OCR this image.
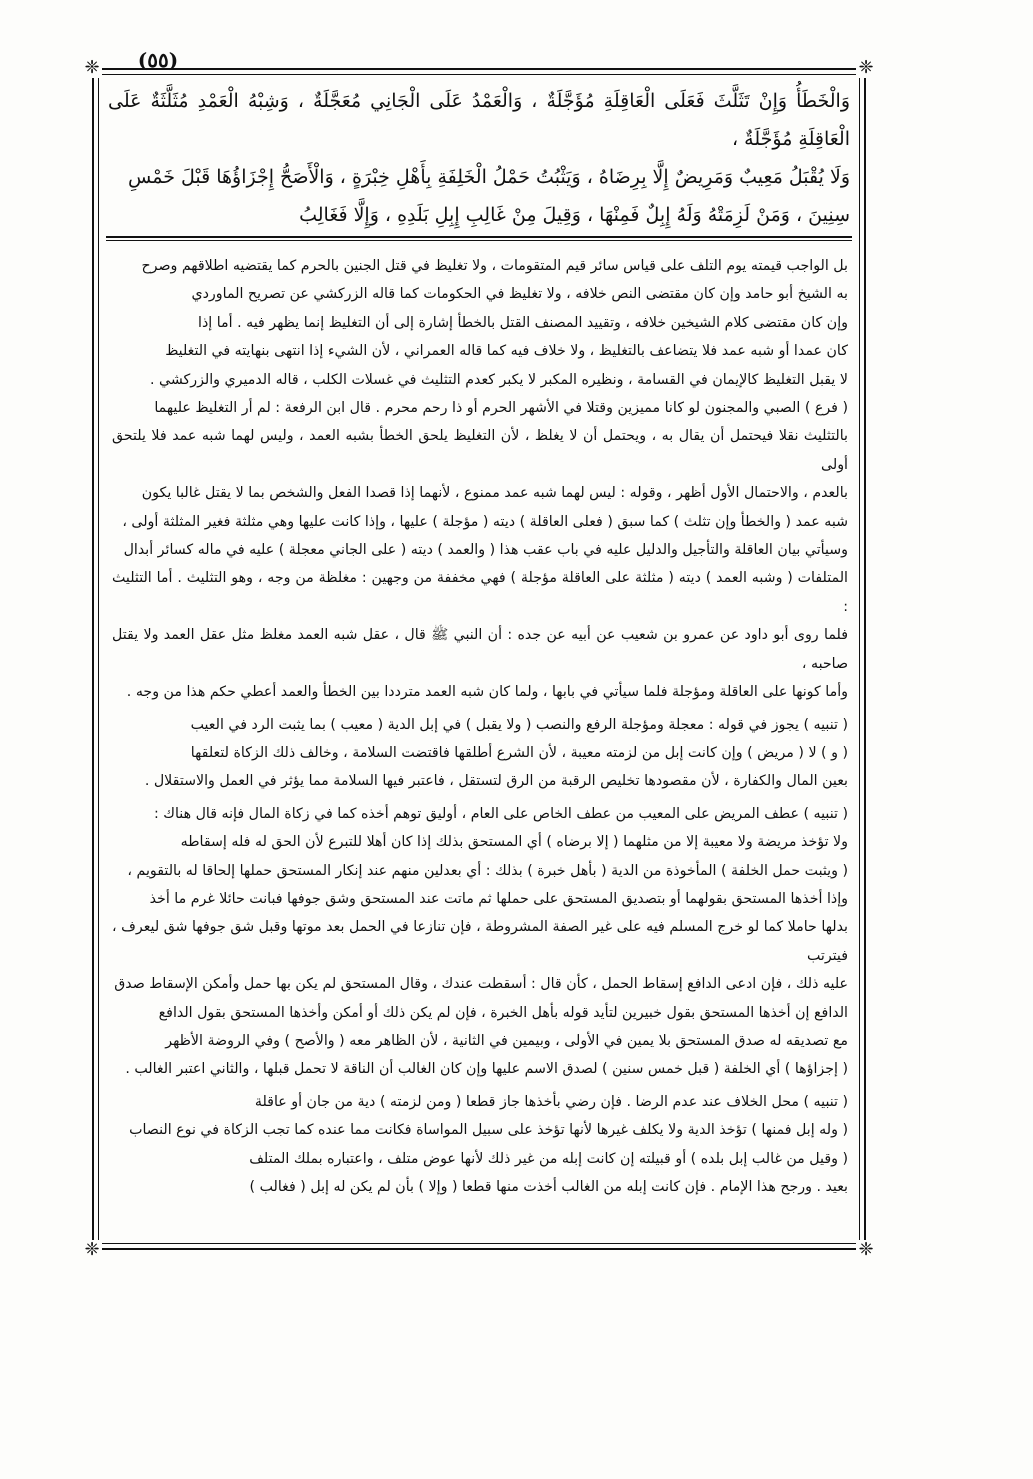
(٥٥)
❈	❈
❈	❈

وَالْخَطَأُ وَإِنْ تَثَلَّثَ فَعَلَى الْعَاقِلَةِ مُؤَجَّلَةٌ ، وَالْعَمْدُ عَلَى الْجَانِي مُعَجَّلَةٌ ، وَشِبْهُ الْعَمْدِ مُثَلَّثَةٌ عَلَى الْعَاقِلَةِ مُؤَجَّلَةٌ ،

وَلَا يُقْبَلُ مَعِيبٌ وَمَرِيضٌ إِلَّا بِرِضَاهُ ، وَيَثْبُتُ حَمْلُ الْخَلِفَةِ بِأَهْلِ خِبْرَةٍ ، وَالْأَصَحُّ إِجْزَاؤُهَا قَبْلَ خَمْسِ

سِنِينَ ، وَمَنْ لَزِمَتْهُ وَلَهُ إِبِلٌ فَمِنْهَا ، وَقِيلَ مِنْ غَالِبِ إِبِلِ بَلَدِهِ ، وَإِلَّا فَغَالِبُ

بل الواجب قيمته يوم التلف على قياس سائر قيم المتقومات ، ولا تغليظ في قتل الجنين بالحرم كما يقتضيه اطلاقهم وصرح

به الشيخ أبو حامد وإن كان مقتضى النص خلافه ، ولا تغليظ في الحكومات كما قاله الزركشي عن تصريح الماوردي

وإن كان مقتضى كلام الشيخين خلافه ، وتقييد المصنف القتل بالخطأ إشارة إلى أن التغليظ إنما يظهر فيه . أما إذا

كان عمدا أو شبه عمد فلا يتضاعف بالتغليظ ، ولا خلاف فيه كما قاله العمراني ، لأن الشيء إذا انتهى بنهايته في التغليظ

لا يقبل التغليظ كالإيمان في القسامة ، ونظيره المكبر لا يكبر كعدم التثليث في غسلات الكلب ، قاله الدميري والزركشي .

( فرع ) الصبي والمجنون لو كانا مميزين وقتلا في الأشهر الحرم أو ذا رحم محرم . قال ابن الرفعة : لم أر التغليظ عليهما

بالتثليث نقلا فيحتمل أن يقال به ، ويحتمل أن لا يغلظ ، لأن التغليظ يلحق الخطأ بشبه العمد ، وليس لهما شبه عمد فلا يلتحق أولى

بالعدم ، والاحتمال الأول أظهر ، وقوله : ليس لهما شبه عمد ممنوع ، لأنهما إذا قصدا الفعل والشخص بما لا يقتل غالبا يكون

شبه عمد ( والخطأ وإن تثلث ) كما سبق ( فعلى العاقلة ) ديته ( مؤجلة ) عليها ، وإذا كانت عليها وهي مثلثة فغير المثلثة أولى ،

وسيأتي بيان العاقلة والتأجيل والدليل عليه في باب عقب هذا ( والعمد ) ديته ( على الجاني معجلة ) عليه في ماله كسائر أبدال

المتلفات ( وشبه العمد ) ديته ( مثلثة على العاقلة مؤجلة ) فهي مخففة من وجهين : مغلظة من وجه ، وهو التثليث . أما التثليث :

فلما روى أبو داود عن عمرو بن شعيب عن أبيه عن جده : أن النبي ﷺ قال ، عقل شبه العمد مغلظ مثل عقل العمد ولا يقتل صاحبه ،

وأما كونها على العاقلة ومؤجلة فلما سيأتي في بابها ، ولما كان شبه العمد مترددا بين الخطأ والعمد أعطي حكم هذا من وجه .

( تنبيه ) يجوز في قوله : معجلة ومؤجلة الرفع والنصب ( ولا يقبل ) في إبل الدية ( معيب ) بما يثبت الرد في العيب

( و ) لا ( مريض ) وإن كانت إبل من لزمته معيبة ، لأن الشرع أطلقها فاقتضت السلامة ، وخالف ذلك الزكاة لتعلقها

بعين المال والكفارة ، لأن مقصودها تخليص الرقبة من الرق لتستقل ، فاعتبر فيها السلامة مما يؤثر في العمل والاستقلال .

( تنبيه ) عطف المريض على المعيب من عطف الخاص على العام ، أوليق توهم أخذه كما في زكاة المال فإنه قال هناك :

ولا تؤخذ مريضة ولا معيبة إلا من مثلهما ( إلا برضاه ) أي المستحق بذلك إذا كان أهلا للتبرع لأن الحق له فله إسقاطه

( ويثبت حمل الخلفة ) المأخوذة من الدية ( بأهل خبرة ) بذلك : أي بعدلين منهم عند إنكار المستحق حملها إلحاقا له بالتقويم ،

وإذا أخذها المستحق بقولهما أو بتصديق المستحق على حملها ثم ماتت عند المستحق وشق جوفها فبانت حائلا غرم ما أخذ

بدلها حاملا كما لو خرج المسلم فيه على غير الصفة المشروطة ، فإن تنازعا في الحمل بعد موتها وقبل شق جوفها شق ليعرف ، فيترتب

عليه ذلك ، فإن ادعى الدافع إسقاط الحمل ، كأن قال : أسقطت عندك ، وقال المستحق لم يكن بها حمل وأمكن الإسقاط صدق

الدافع إن أخذها المستحق بقول خبيرين لتأيد قوله بأهل الخبرة ، فإن لم يكن ذلك أو أمكن وأخذها المستحق بقول الدافع

مع تصديقه له صدق المستحق بلا يمين في الأولى ، وبيمين في الثانية ، لأن الظاهر معه ( والأصح ) وفي الروضة الأظهر

( إجزاؤها ) أي الخلفة ( قبل خمس سنين ) لصدق الاسم عليها وإن كان الغالب أن الناقة لا تحمل قبلها ، والثاني اعتبر الغالب .

( تنبيه ) محل الخلاف عند عدم الرضا . فإن رضي بأخذها جاز قطعا ( ومن لزمته ) دية من جان أو عاقلة

( وله إبل فمنها ) تؤخذ الدية ولا يكلف غيرها لأنها تؤخذ على سبيل المواساة فكانت مما عنده كما تجب الزكاة في نوع النصاب

( وقيل من غالب إبل بلده ) أو قبيلته إن كانت إبله من غير ذلك لأنها عوض متلف ، واعتباره بملك المتلف

بعيد . ورجح هذا الإمام . فإن كانت إبله من الغالب أخذت منها قطعا ( وإلا ) بأن لم يكن له إبل ( فغالب )
